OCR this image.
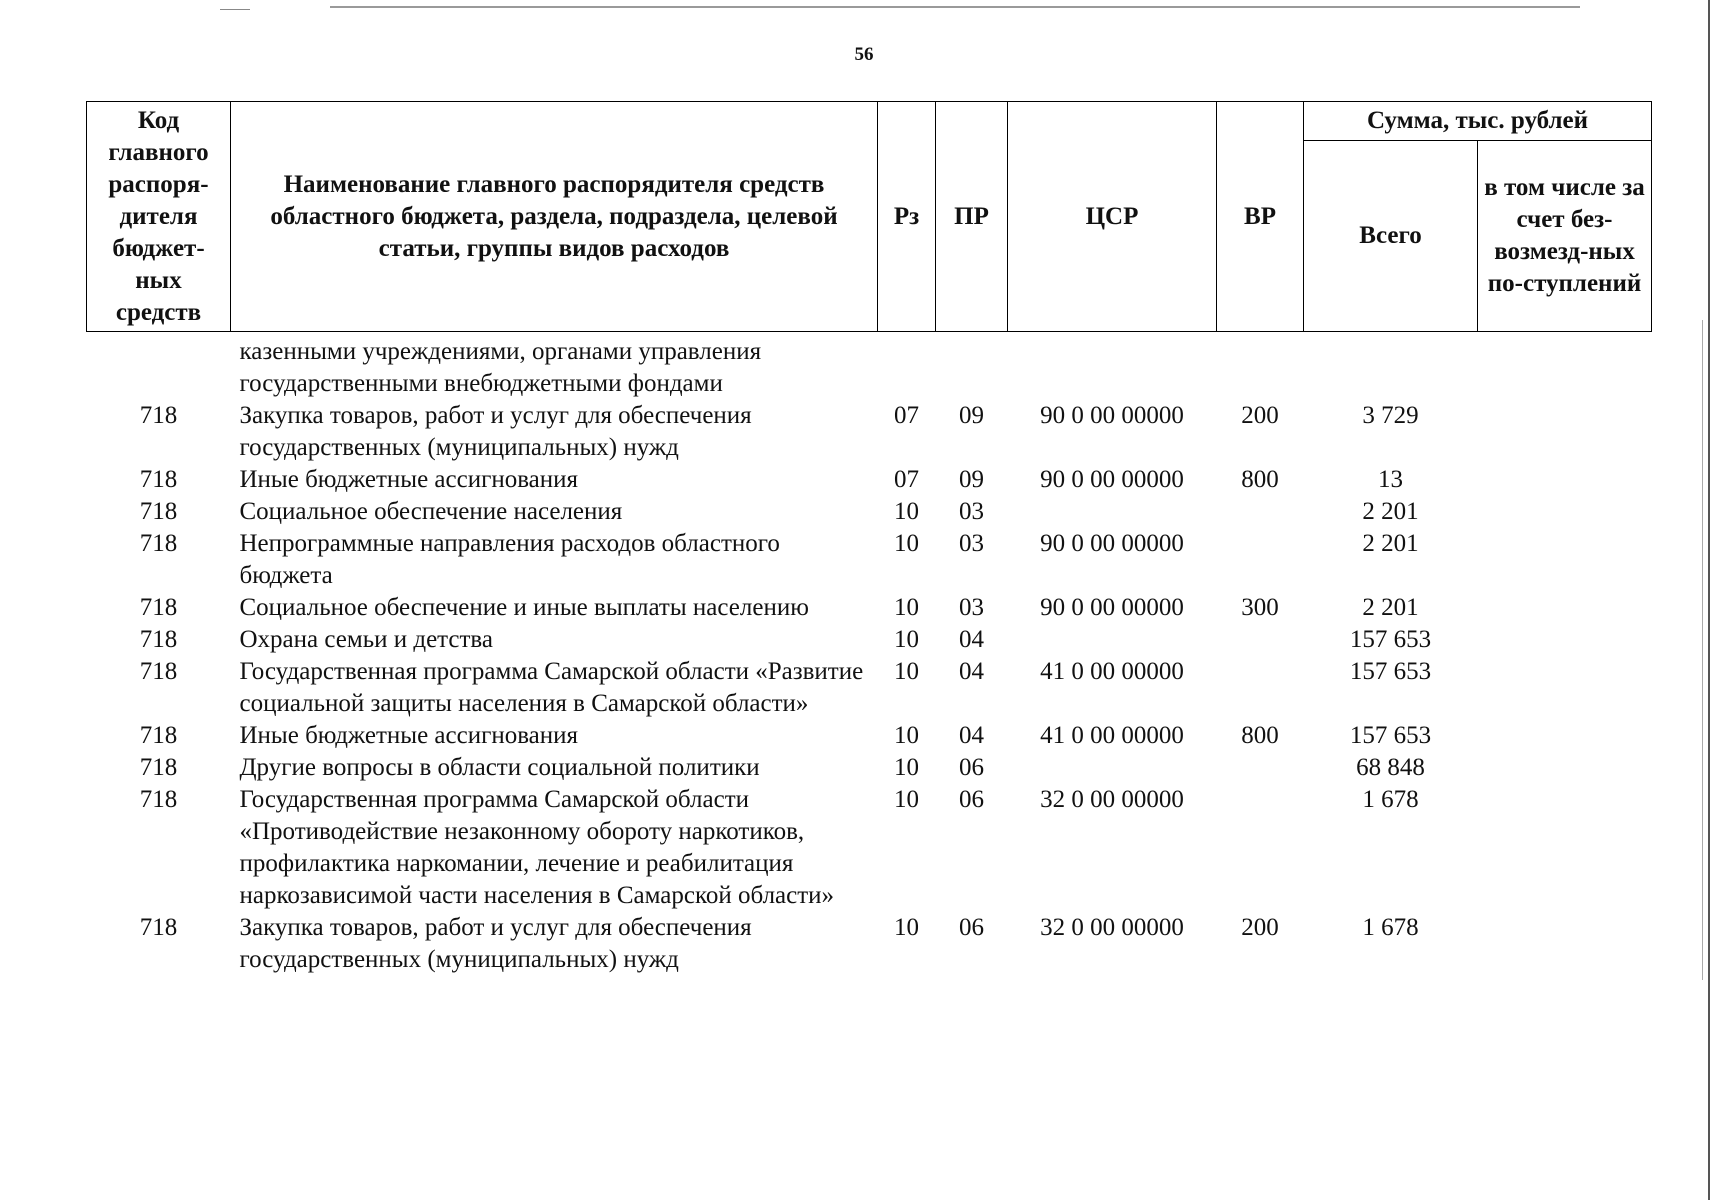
56
Код главного распоря-дителя бюджет-ных средств	Наименование главного распорядителя средств областного бюджета, раздела, подраздела, целевой статьи, группы видов расходов	Рз	ПР	ЦСР	ВР	Сумма, тыс. рублей	
						Всего	в том числе за счет без-возмезд-ных по-ступлений
	казенными учреждениями, органами управления государственными внебюджетными фондами						
718	Закупка товаров, работ и услуг для обеспечения государственных (муниципальных) нужд	07	09	90 0 00 00000	200	3 729	
718	Иные бюджетные ассигнования	07	09	90 0 00 00000	800	13	
718	Социальное обеспечение населения	10	03			2 201	
718	Непрограммные направления расходов областного бюджета	10	03	90 0 00 00000		2 201	
718	Социальное обеспечение и иные выплаты населению	10	03	90 0 00 00000	300	2 201	
718	Охрана семьи и детства	10	04			157 653	
718	Государственная программа Самарской области «Развитие социальной защиты населения в Самарской области»	10	04	41 0 00 00000		157 653	
718	Иные бюджетные ассигнования	10	04	41 0 00 00000	800	157 653	
718	Другие вопросы в области социальной политики	10	06			68 848	
718	Государственная программа Самарской области «Противодействие незаконному обороту наркотиков, профилактика наркомании, лечение и реабилитация наркозависимой части населения в Самарской области»	10	06	32 0 00 00000		1 678	
718	Закупка товаров, работ и услуг для обеспечения государственных (муниципальных) нужд	10	06	32 0 00 00000	200	1 678	
